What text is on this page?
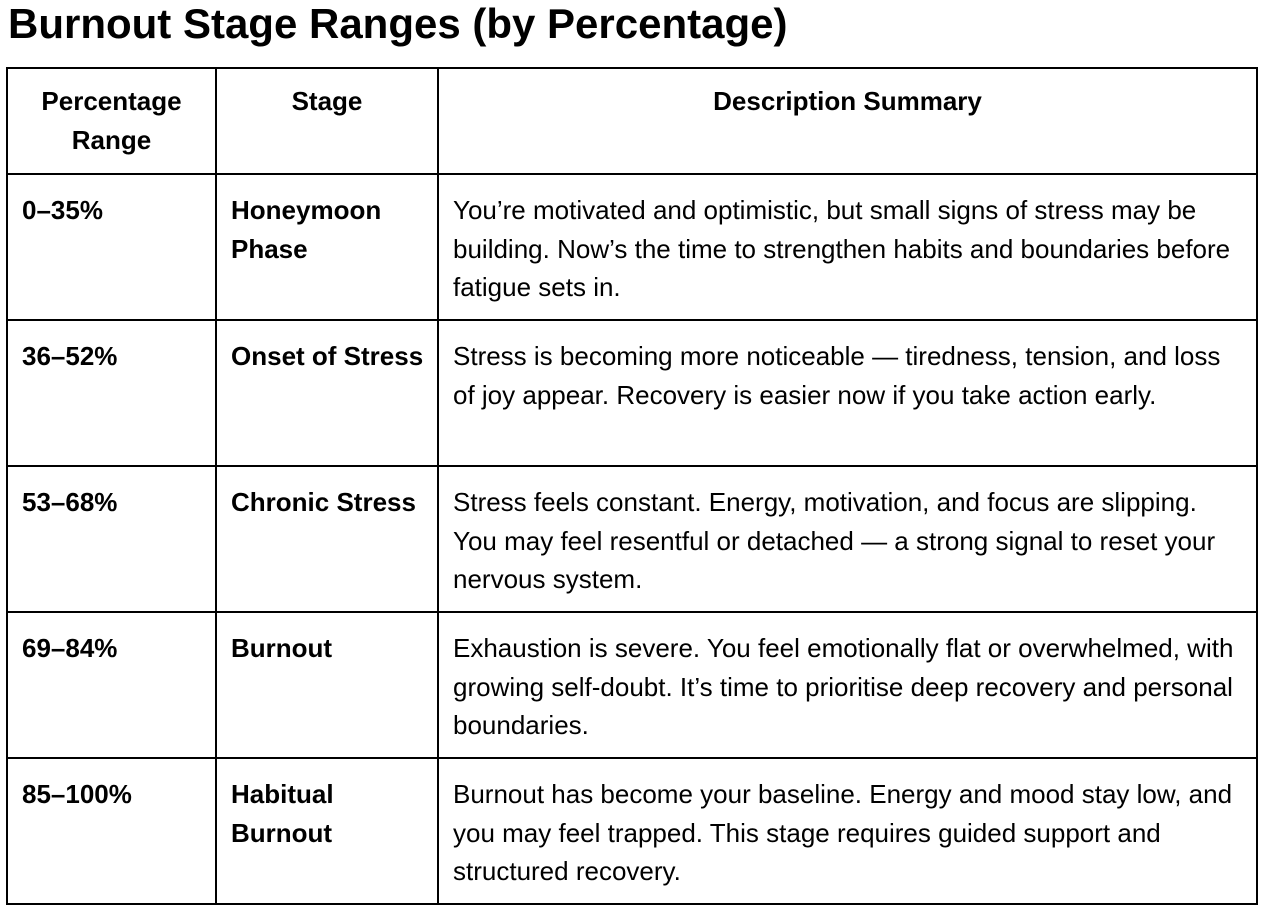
Burnout Stage Ranges (by Percentage)
Percentage Range	Stage	Description Summary
0–35%	Honeymoon Phase	You’re motivated and optimistic, but small signs of stress may be building. Now’s the time to strengthen habits and boundaries before fatigue sets in.
36–52%	Onset of Stress	Stress is becoming more noticeable — tiredness, tension, and loss of joy appear. Recovery is easier now if you take action early.
53–68%	Chronic Stress	Stress feels constant. Energy, motivation, and focus are slipping. You may feel resentful or detached — a strong signal to reset your nervous system.
69–84%	Burnout	Exhaustion is severe. You feel emotionally flat or overwhelmed, with growing self-doubt. It’s time to prioritise deep recovery and personal boundaries.
85–100%	Habitual Burnout	Burnout has become your baseline. Energy and mood stay low, and you may feel trapped. This stage requires guided support and structured recovery.
